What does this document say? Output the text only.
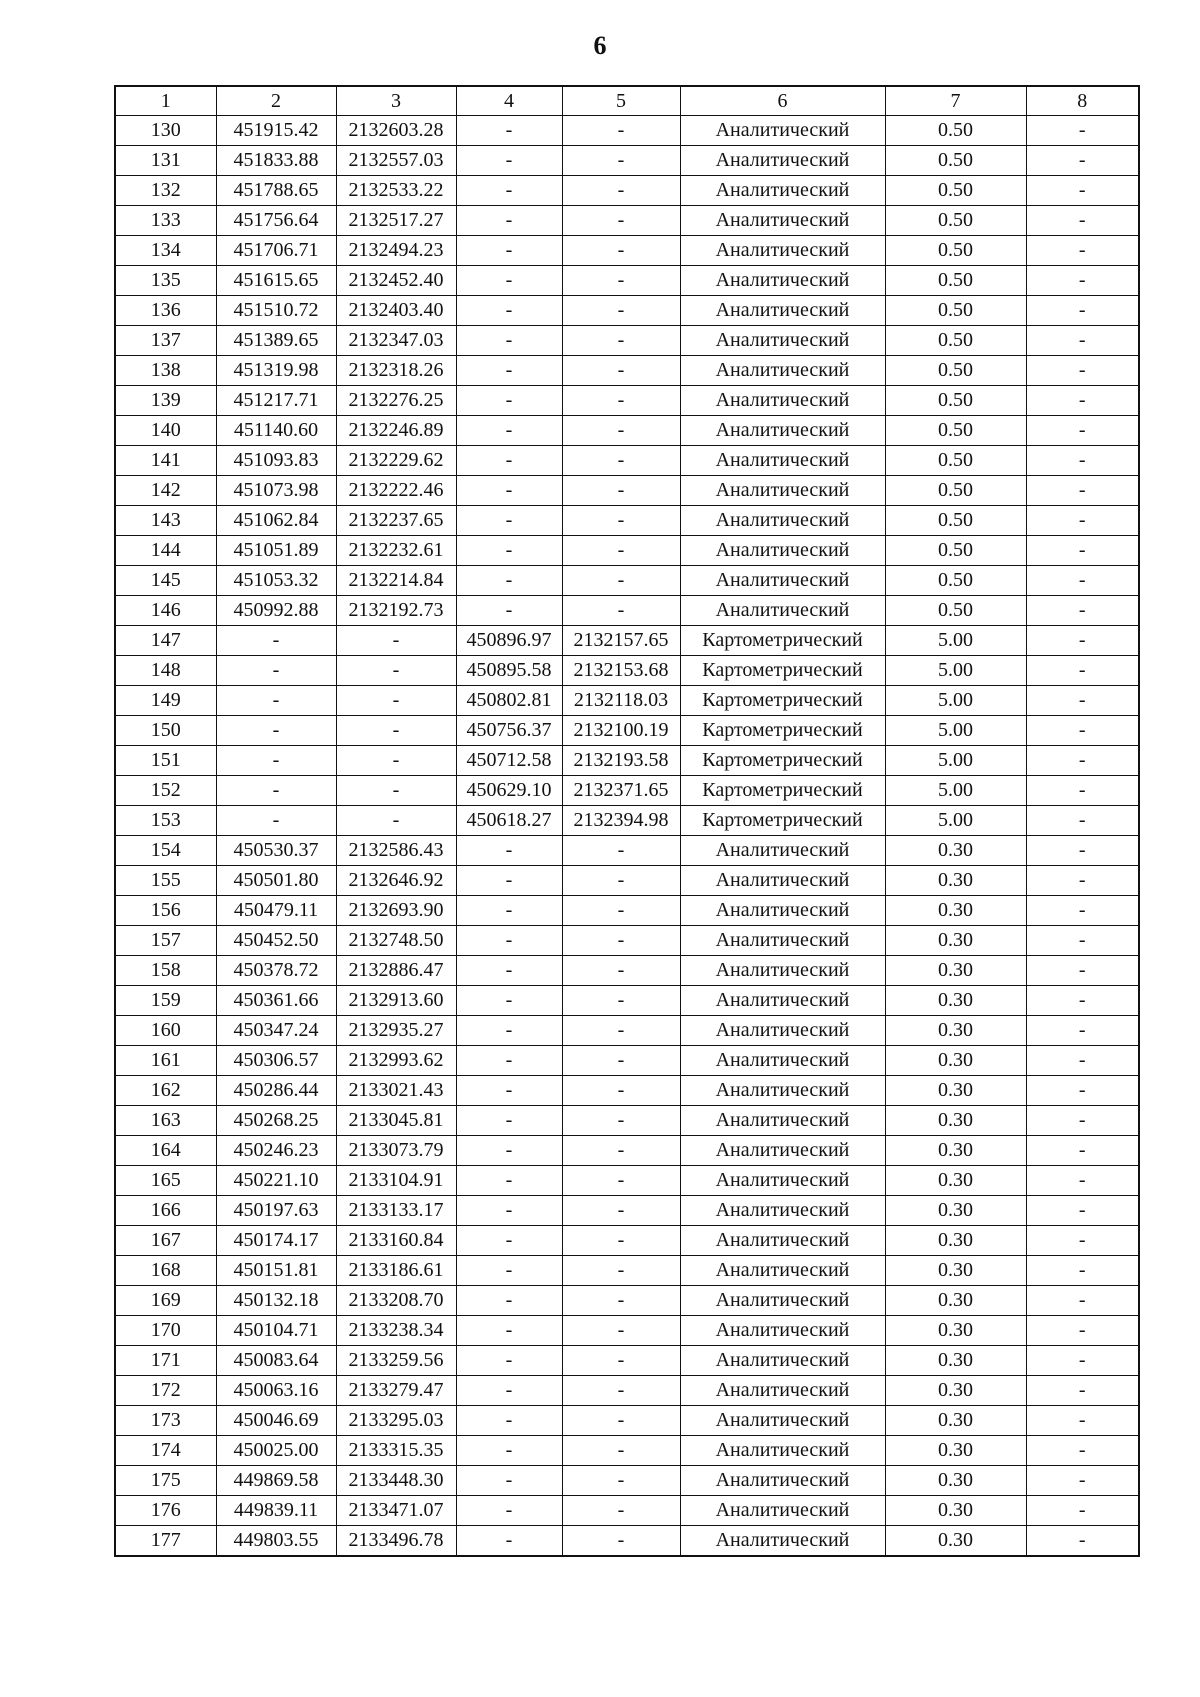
6
1	2	3	4	5	6	7	8
130	451915.42	2132603.28	-	-	Аналитический	0.50	-
131	451833.88	2132557.03	-	-	Аналитический	0.50	-
132	451788.65	2132533.22	-	-	Аналитический	0.50	-
133	451756.64	2132517.27	-	-	Аналитический	0.50	-
134	451706.71	2132494.23	-	-	Аналитический	0.50	-
135	451615.65	2132452.40	-	-	Аналитический	0.50	-
136	451510.72	2132403.40	-	-	Аналитический	0.50	-
137	451389.65	2132347.03	-	-	Аналитический	0.50	-
138	451319.98	2132318.26	-	-	Аналитический	0.50	-
139	451217.71	2132276.25	-	-	Аналитический	0.50	-
140	451140.60	2132246.89	-	-	Аналитический	0.50	-
141	451093.83	2132229.62	-	-	Аналитический	0.50	-
142	451073.98	2132222.46	-	-	Аналитический	0.50	-
143	451062.84	2132237.65	-	-	Аналитический	0.50	-
144	451051.89	2132232.61	-	-	Аналитический	0.50	-
145	451053.32	2132214.84	-	-	Аналитический	0.50	-
146	450992.88	2132192.73	-	-	Аналитический	0.50	-
147	-	-	450896.97	2132157.65	Картометрический	5.00	-
148	-	-	450895.58	2132153.68	Картометрический	5.00	-
149	-	-	450802.81	2132118.03	Картометрический	5.00	-
150	-	-	450756.37	2132100.19	Картометрический	5.00	-
151	-	-	450712.58	2132193.58	Картометрический	5.00	-
152	-	-	450629.10	2132371.65	Картометрический	5.00	-
153	-	-	450618.27	2132394.98	Картометрический	5.00	-
154	450530.37	2132586.43	-	-	Аналитический	0.30	-
155	450501.80	2132646.92	-	-	Аналитический	0.30	-
156	450479.11	2132693.90	-	-	Аналитический	0.30	-
157	450452.50	2132748.50	-	-	Аналитический	0.30	-
158	450378.72	2132886.47	-	-	Аналитический	0.30	-
159	450361.66	2132913.60	-	-	Аналитический	0.30	-
160	450347.24	2132935.27	-	-	Аналитический	0.30	-
161	450306.57	2132993.62	-	-	Аналитический	0.30	-
162	450286.44	2133021.43	-	-	Аналитический	0.30	-
163	450268.25	2133045.81	-	-	Аналитический	0.30	-
164	450246.23	2133073.79	-	-	Аналитический	0.30	-
165	450221.10	2133104.91	-	-	Аналитический	0.30	-
166	450197.63	2133133.17	-	-	Аналитический	0.30	-
167	450174.17	2133160.84	-	-	Аналитический	0.30	-
168	450151.81	2133186.61	-	-	Аналитический	0.30	-
169	450132.18	2133208.70	-	-	Аналитический	0.30	-
170	450104.71	2133238.34	-	-	Аналитический	0.30	-
171	450083.64	2133259.56	-	-	Аналитический	0.30	-
172	450063.16	2133279.47	-	-	Аналитический	0.30	-
173	450046.69	2133295.03	-	-	Аналитический	0.30	-
174	450025.00	2133315.35	-	-	Аналитический	0.30	-
175	449869.58	2133448.30	-	-	Аналитический	0.30	-
176	449839.11	2133471.07	-	-	Аналитический	0.30	-
177	449803.55	2133496.78	-	-	Аналитический	0.30	-
